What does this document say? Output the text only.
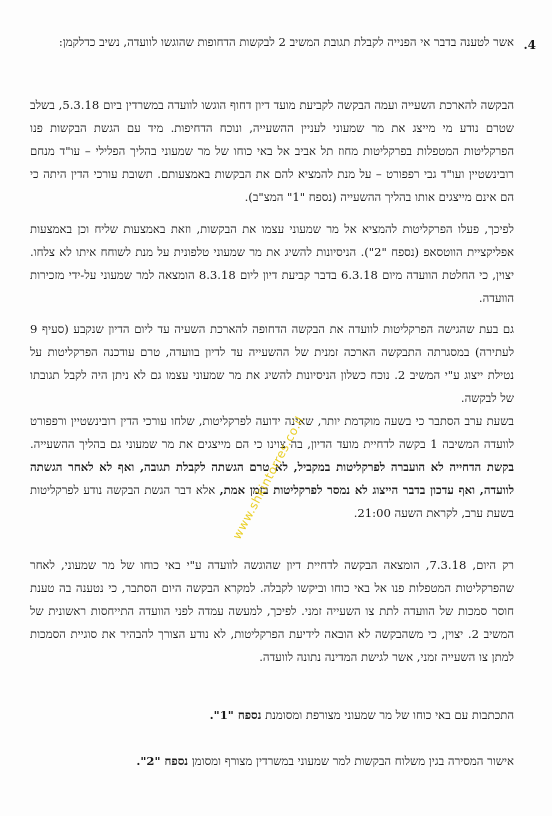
.4
אשר לטענה בדבר אי הפנייה לקבלת תגובת המשיב 2 לבקשות הדחופות שהוגשו לוועדה, נשיב כדלקמן:
הבקשה להארכת השעייה ועמה הבקשה לקביעת מועד דיון דחוף הוגשו לוועדה במשרדין ביום 5.3.18, בשלב שטרם נודע מי מייצג את מר שמעוני לעניין ההשעייה, ונוכח הדחיפות. מיד עם הגשת הבקשות פנו הפרקליטות המטפלות בפרקליטות מחוז תל אביב אל באי כוחו של מר שמעוני בהליך הפלילי – עו"ד מנחם רובינשטיין ועו"ד גבי רפפורט – על מנת להמציא להם את הבקשות באמצעותם. תשובת עורכי הדין היתה כי הם אינם מייצגים אותו בהליך ההשעייה (נספח "1" המצ"ב).
לפיכך, פעלו הפרקליטות להמציא אל מר שמעוני עצמו את הבקשות, וזאת באמצעות שליח וכן באמצעות אפליקציית הווטסאפ (נספח "2"). הניסיונות להשיג את מר שמעוני טלפונית על מנת לשוחח איתו לא צלחו. יצוין, כי החלטת הוועדה מיום 6.3.18 בדבר קביעת דיון ליום 8.3.18 הומצאה למר שמעוני על-ידי מזכירות הוועדה.
גם בעת שהגישה הפרקליטות לוועדה את הבקשה הדחופה להארכת השעיה עד ליום הדיון שנקבע (סעיף 9 לעתירה) במסגרתה התבקשה הארכה זמנית של ההשעייה עד לדיון בוועדה, טרם עודכנה הפרקליטות על נטילת ייצוג ע"י המשיב 2. נוכח כשלון הניסיונות להשיג את מר שמעוני עצמו גם לא ניתן היה לקבל תגובתו של לבקשה.
בשעת ערב הסתבר כי בשעה מוקדמת יותר, שאינה ידועה לפרקליטות, שלחו עורכי הדין רובינשטיין ורפפורט לוועדה המשיבה 1 בקשה לדחיית מועד הדיון, בה צוינו כי הם מייצגים את מר שמעוני גם בהליך ההשעייה. בקשת הדחייה לא הועברה לפרקליטות במקביל, לא טרם הגשתה לקבלת תגובה, ואף לא לאחר הגשתה לוועדה, ואף עדכון בדבר הייצוג לא נמסר לפרקליטות בזמן אמת, אלא דבר הגשת הבקשה נודע לפרקליטות בשעת ערב, לקראת השעה 21:00.
רק היום, 7.3.18, הומצאה הבקשה לדחיית דיון שהוגשה לוועדה ע"י באי כוחו של מר שמעוני, לאחר שהפרקליטות המטפלות פנו אל באי כוחו וביקשו לקבלה. למקרא הבקשה היום הסתבר, כי נטענה בה טענת חוסר סמכות של הוועדה לתת צו השעייה זמני. לפיכך, למעשה עמדה לפני הוועדה התייחסות ראשונית של המשיב 2. יצוין, כי משהבקשה לא הובאה לידיעת הפרקליטות, לא נודע הצורך להבהיר את סוגיית הסמכות למתן צו השעייה זמני, אשר לגישת המדינה נתונה לוועדה.
התכתבות עם באי כוחו של מר שמעוני מצורפת ומסומנת נספח "1".
אישור המסירה בגין משלוח הבקשות למר שמעוני במשרדין מצורף ומסומן נספח "2".
www.shkintorres.co.il
